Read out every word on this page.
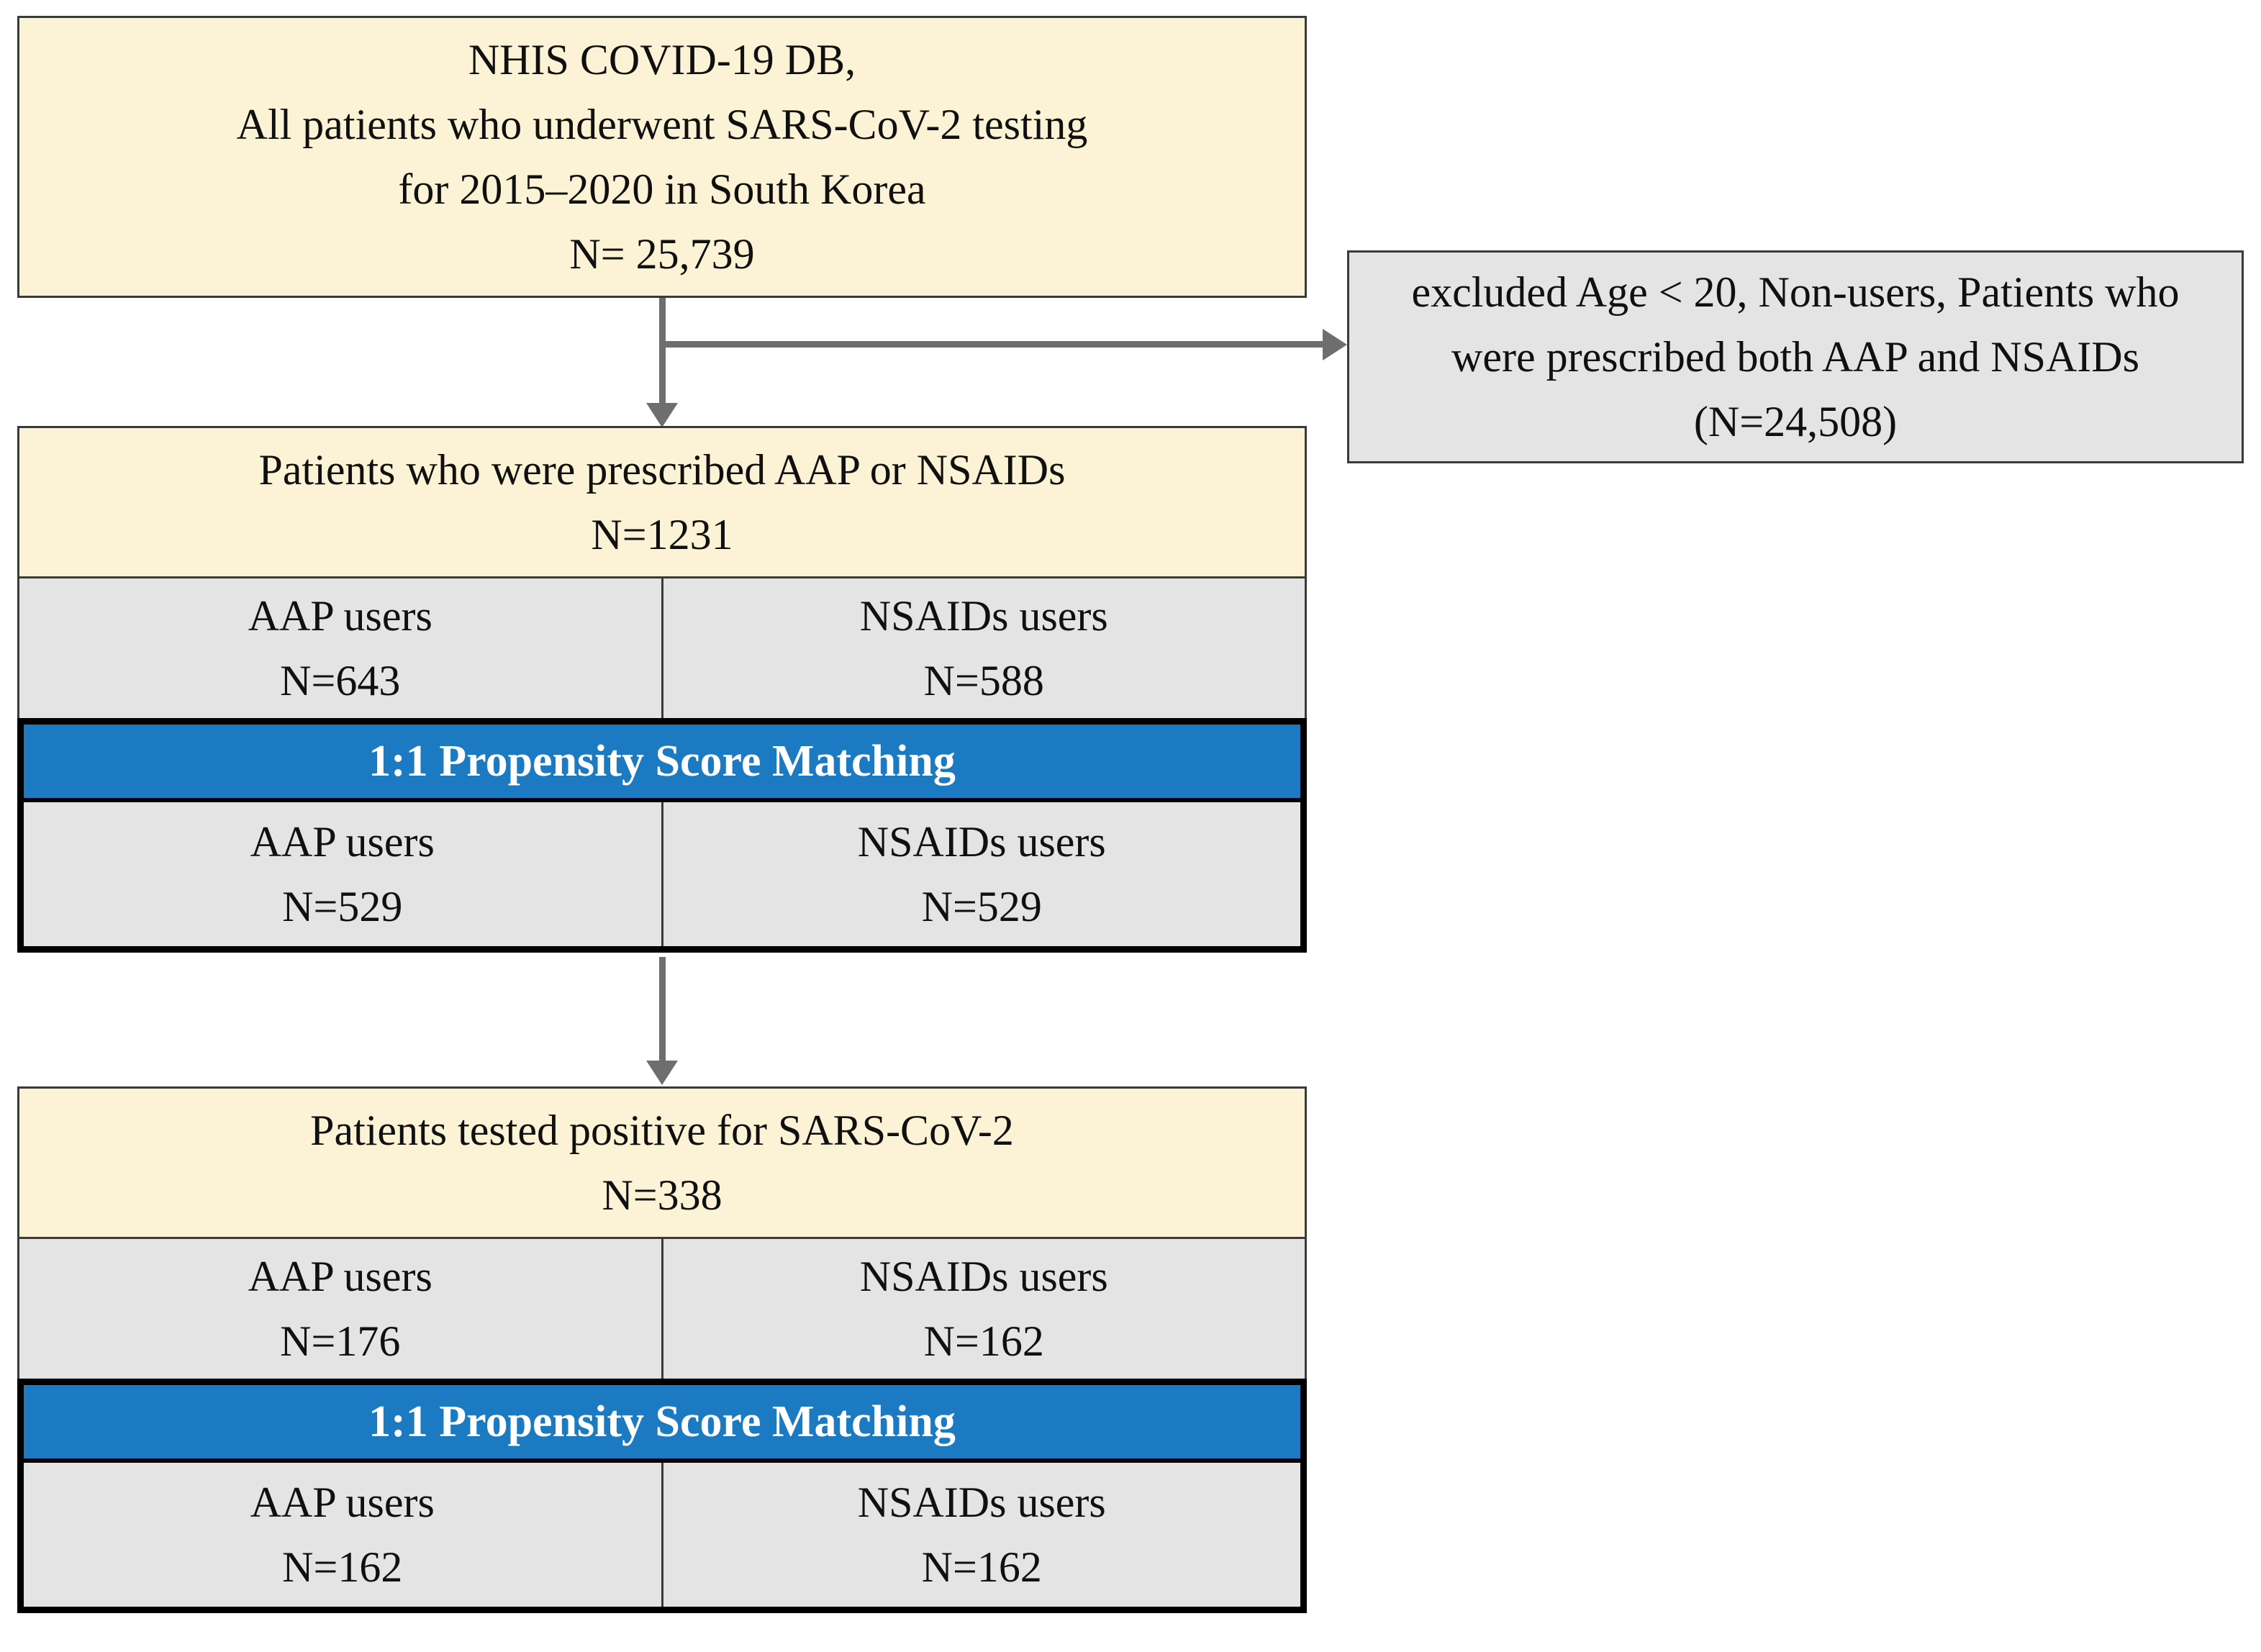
NHIS COVID-19 DB,
All patients who underwent SARS-CoV-2 testing
for 2015–2020 in South Korea
N= 25,739
excluded Age < 20, Non-users, Patients who were prescribed both AAP and NSAIDs (N=24,508)
Patients who were prescribed AAP or NSAIDs
N=1231
AAP users
N=643
NSAIDs users
N=588
1:1 Propensity Score Matching
AAP users
N=529
NSAIDs users
N=529
Patients tested positive for SARS-CoV-2
N=338
AAP users
N=176
NSAIDs users
N=162
1:1 Propensity Score Matching
AAP users
N=162
NSAIDs users
N=162
